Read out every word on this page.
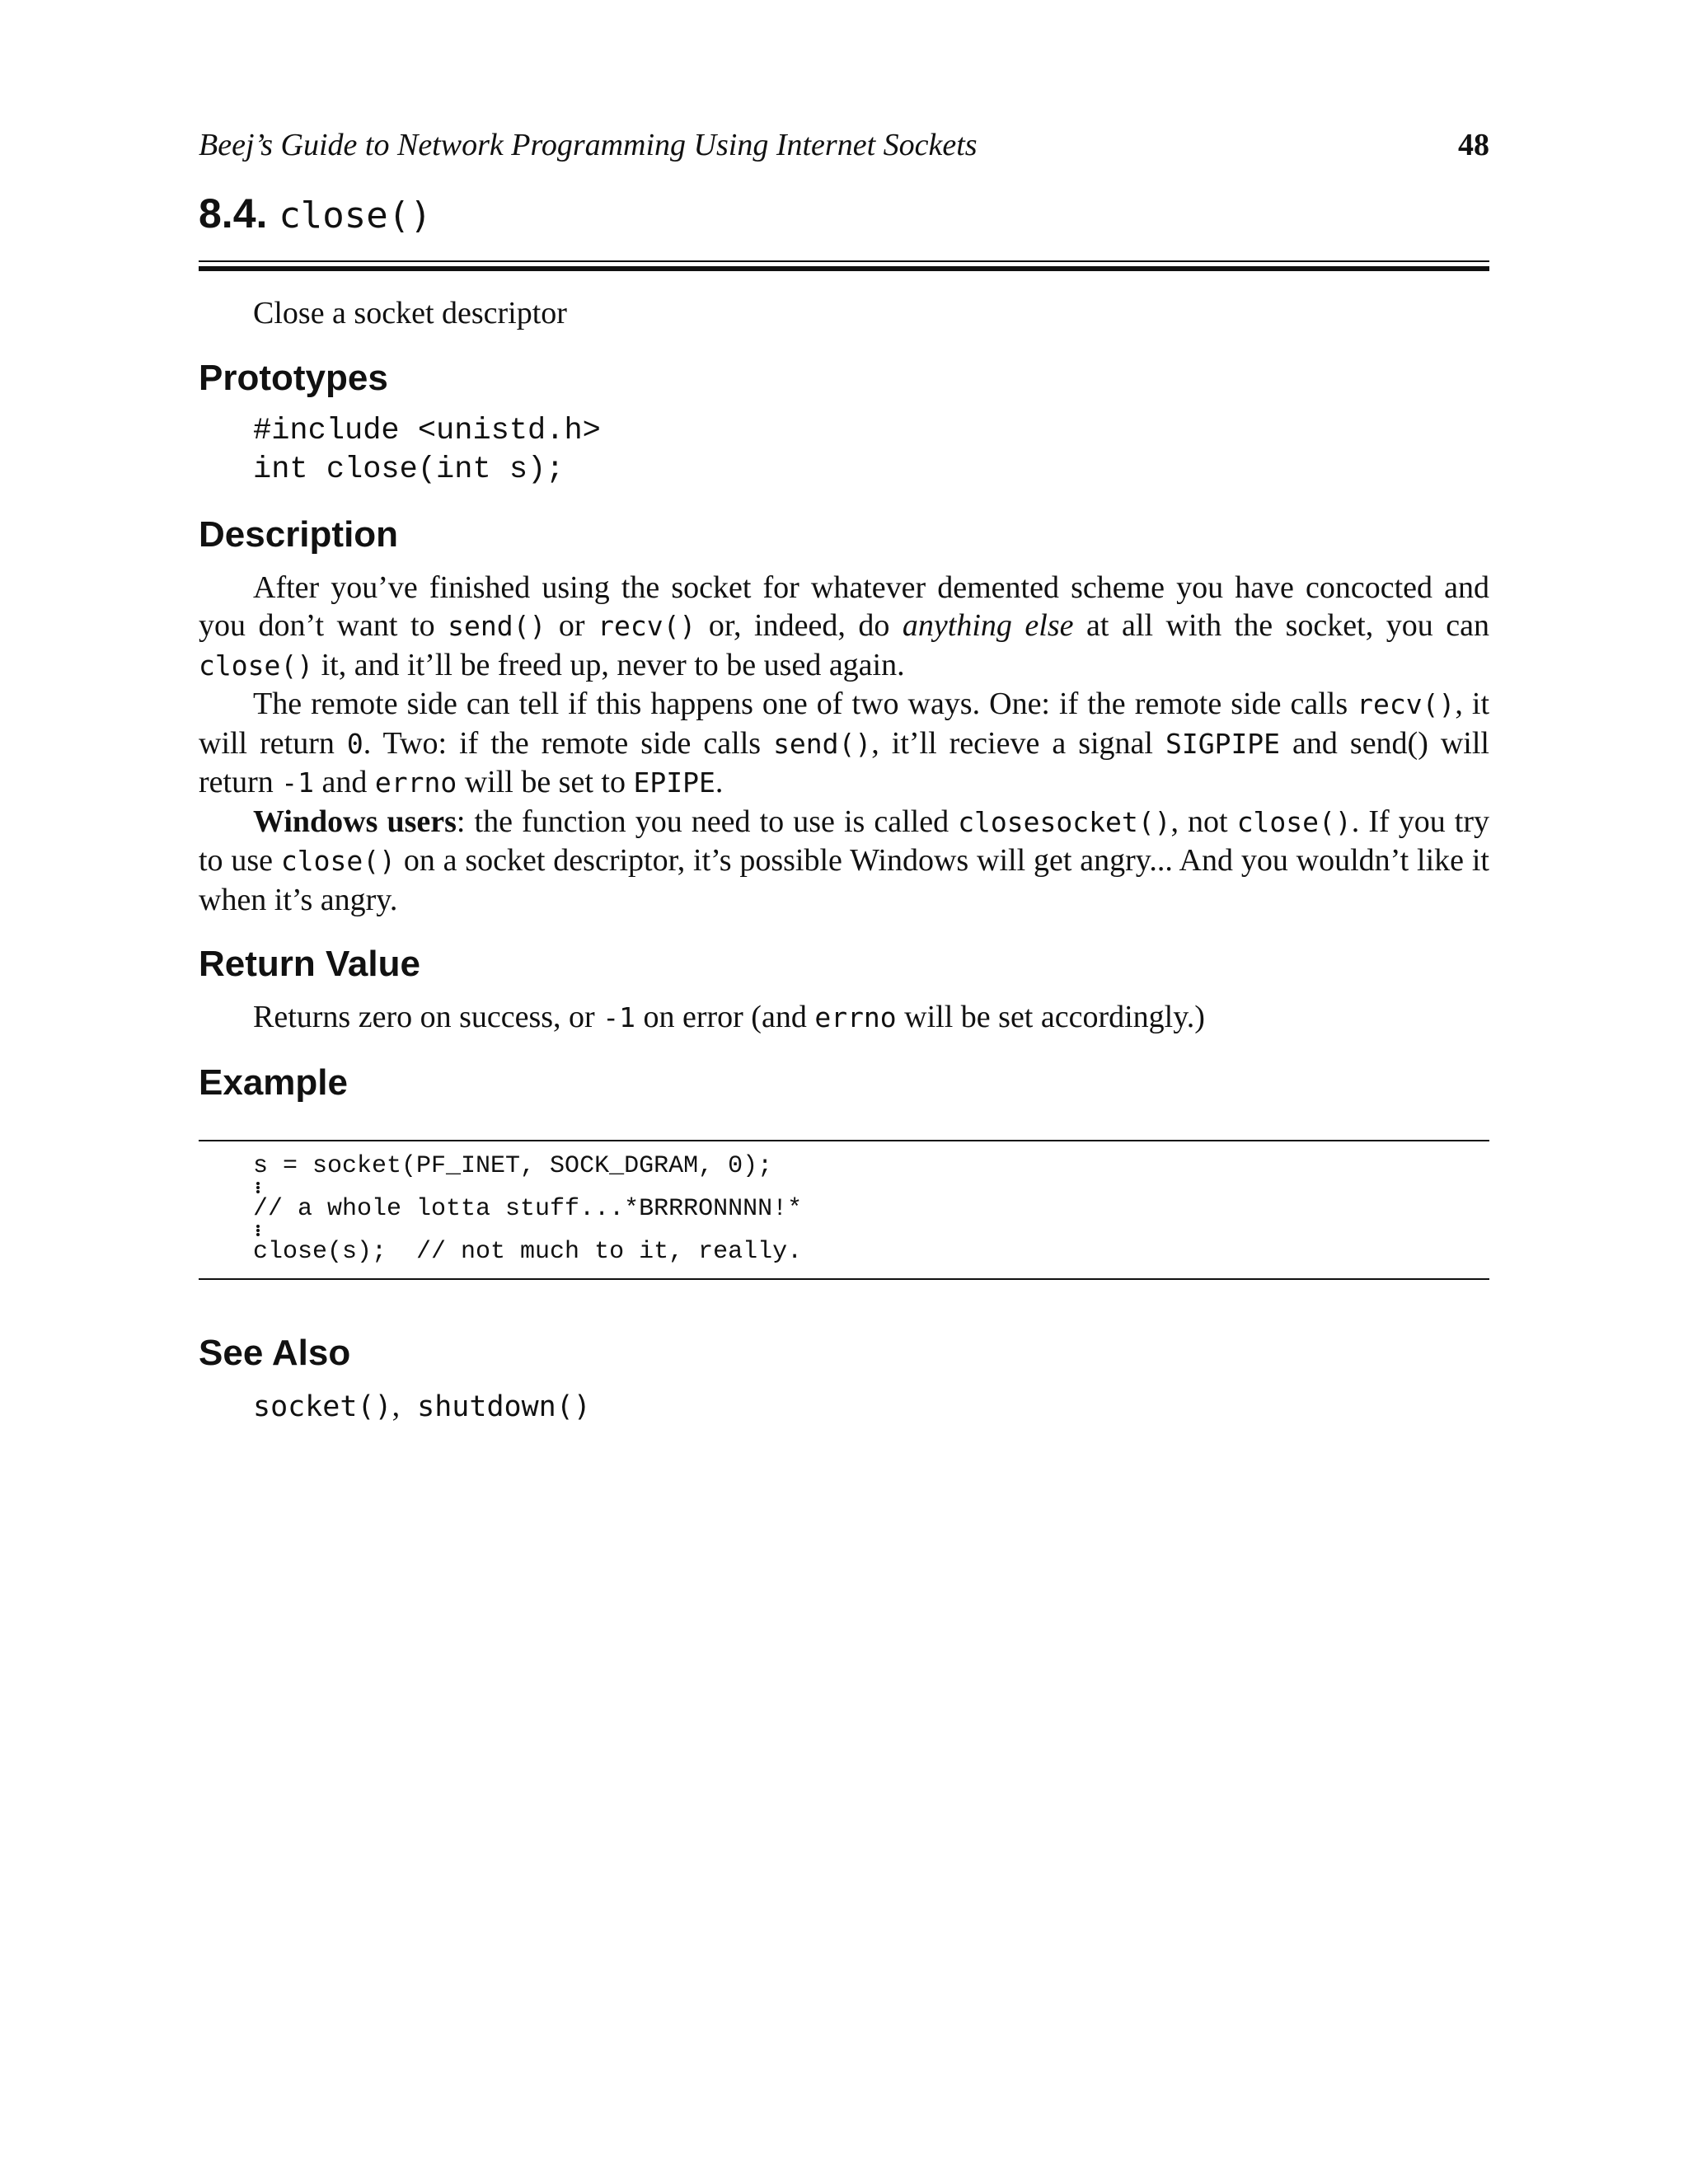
Beej’s Guide to Network Programming Using Internet Sockets	48
8.4. close()

Close a socket descriptor

Prototypes
#include <unistd.h>
int close(int s);
Description

After you’ve finished using the socket for whatever demented scheme you have concocted and you don’t want to send() or recv() or, indeed, do anything else at all with the socket, you can close() it, and it’ll be freed up, never to be used again.

The remote side can tell if this happens one of two ways. One: if the remote side calls recv(), it will return 0. Two: if the remote side calls send(), it’ll recieve a signal SIGPIPE and send() will return -1 and errno will be set to EPIPE.

Windows users: the function you need to use is called closesocket(), not close(). If you try to use close() on a socket descriptor, it’s possible Windows will get angry... And you wouldn’t like it when it’s angry.

Return Value

Returns zero on success, or -1 on error (and errno will be set accordingly.)

Example
s = socket(PF_INET, SOCK_DGRAM, 0);
// a whole lotta stuff...*BRRRONNNN!*
close(s);  // not much to it, really.
See Also
socket(), shutdown()
